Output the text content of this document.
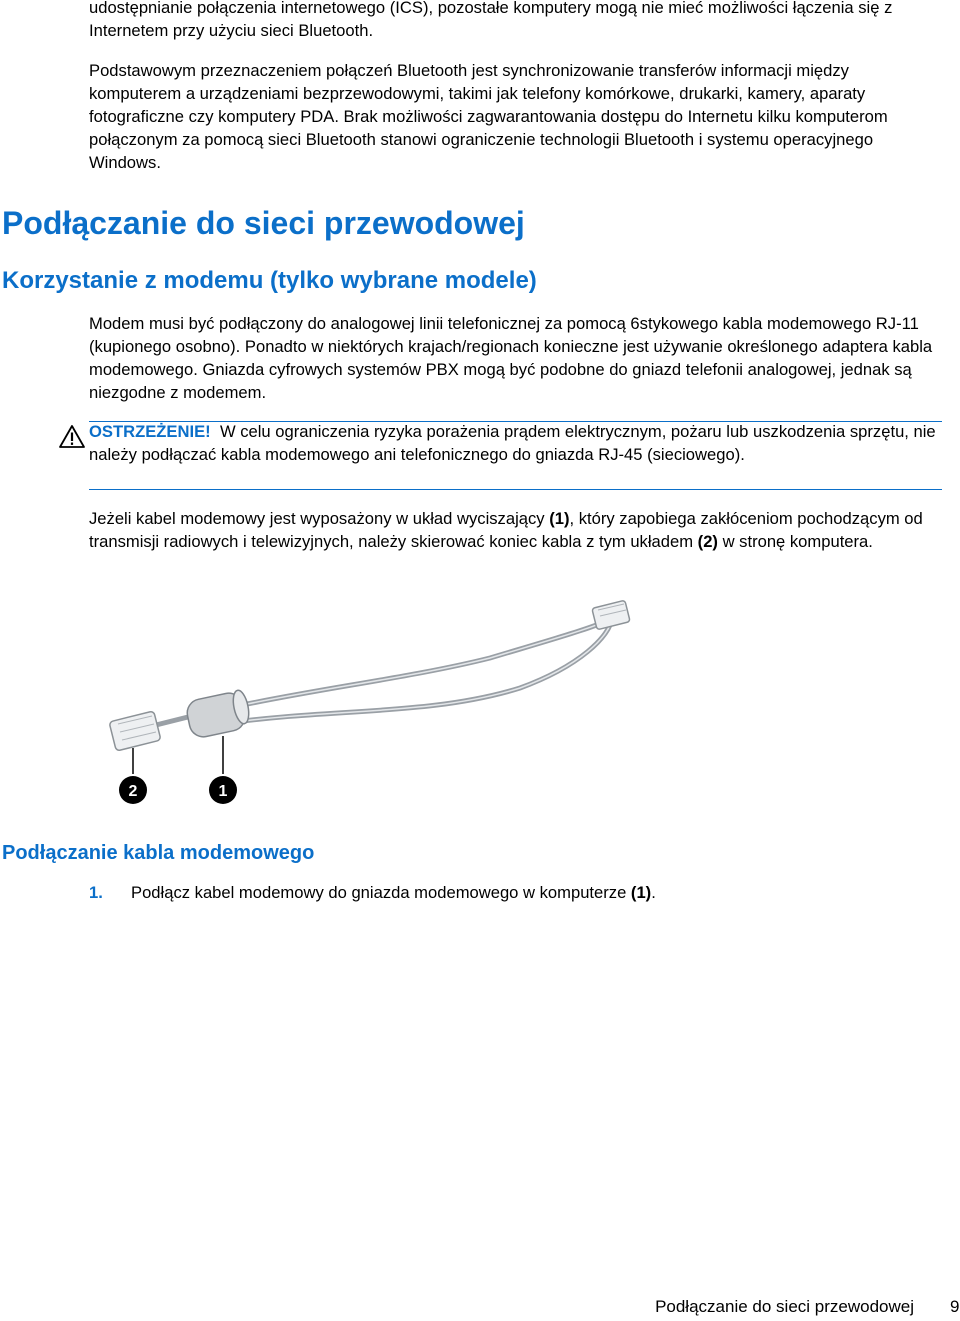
udostępnianie połączenia internetowego (ICS), pozostałe komputery mogą nie mieć możliwości łączenia się z Internetem przy użyciu sieci Bluetooth.

Podstawowym przeznaczeniem połączeń Bluetooth jest synchronizowanie transferów informacji między komputerem a urządzeniami bezprzewodowymi, takimi jak telefony komórkowe, drukarki, kamery, aparaty fotograficzne czy komputery PDA. Brak możliwości zagwarantowania dostępu do Internetu kilku komputerom połączonym za pomocą sieci Bluetooth stanowi ograniczenie technologii Bluetooth i systemu operacyjnego Windows.

Podłączanie do sieci przewodowej
Korzystanie z modemu (tylko wybrane modele)

Modem musi być podłączony do analogowej linii telefonicznej za pomocą 6stykowego kabla modemowego RJ-11 (kupionego osobno). Ponadto w niektórych krajach/regionach konieczne jest używanie określonego adaptera kabla modemowego. Gniazda cyfrowych systemów PBX mogą być podobne do gniazd telefonii analogowej, jednak są niezgodne z modemem.

OSTRZEŻENIE! W celu ograniczenia ryzyka porażenia prądem elektrycznym, pożaru lub uszkodzenia sprzętu, nie należy podłączać kabla modemowego ani telefonicznego do gniazda RJ-45 (sieciowego).

Jeżeli kabel modemowy jest wyposażony w układ wyciszający (1), który zapobiega zakłóceniom pochodzącym od transmisji radiowych i telewizyjnych, należy skierować koniec kabla z tym układem (2) w stronę komputera.

2	1
Podłączanie kabla modemowego
1. Podłącz kabel modemowy do gniazda modemowego w komputerze (1).
Podłączanie do sieci przewodowej 9
